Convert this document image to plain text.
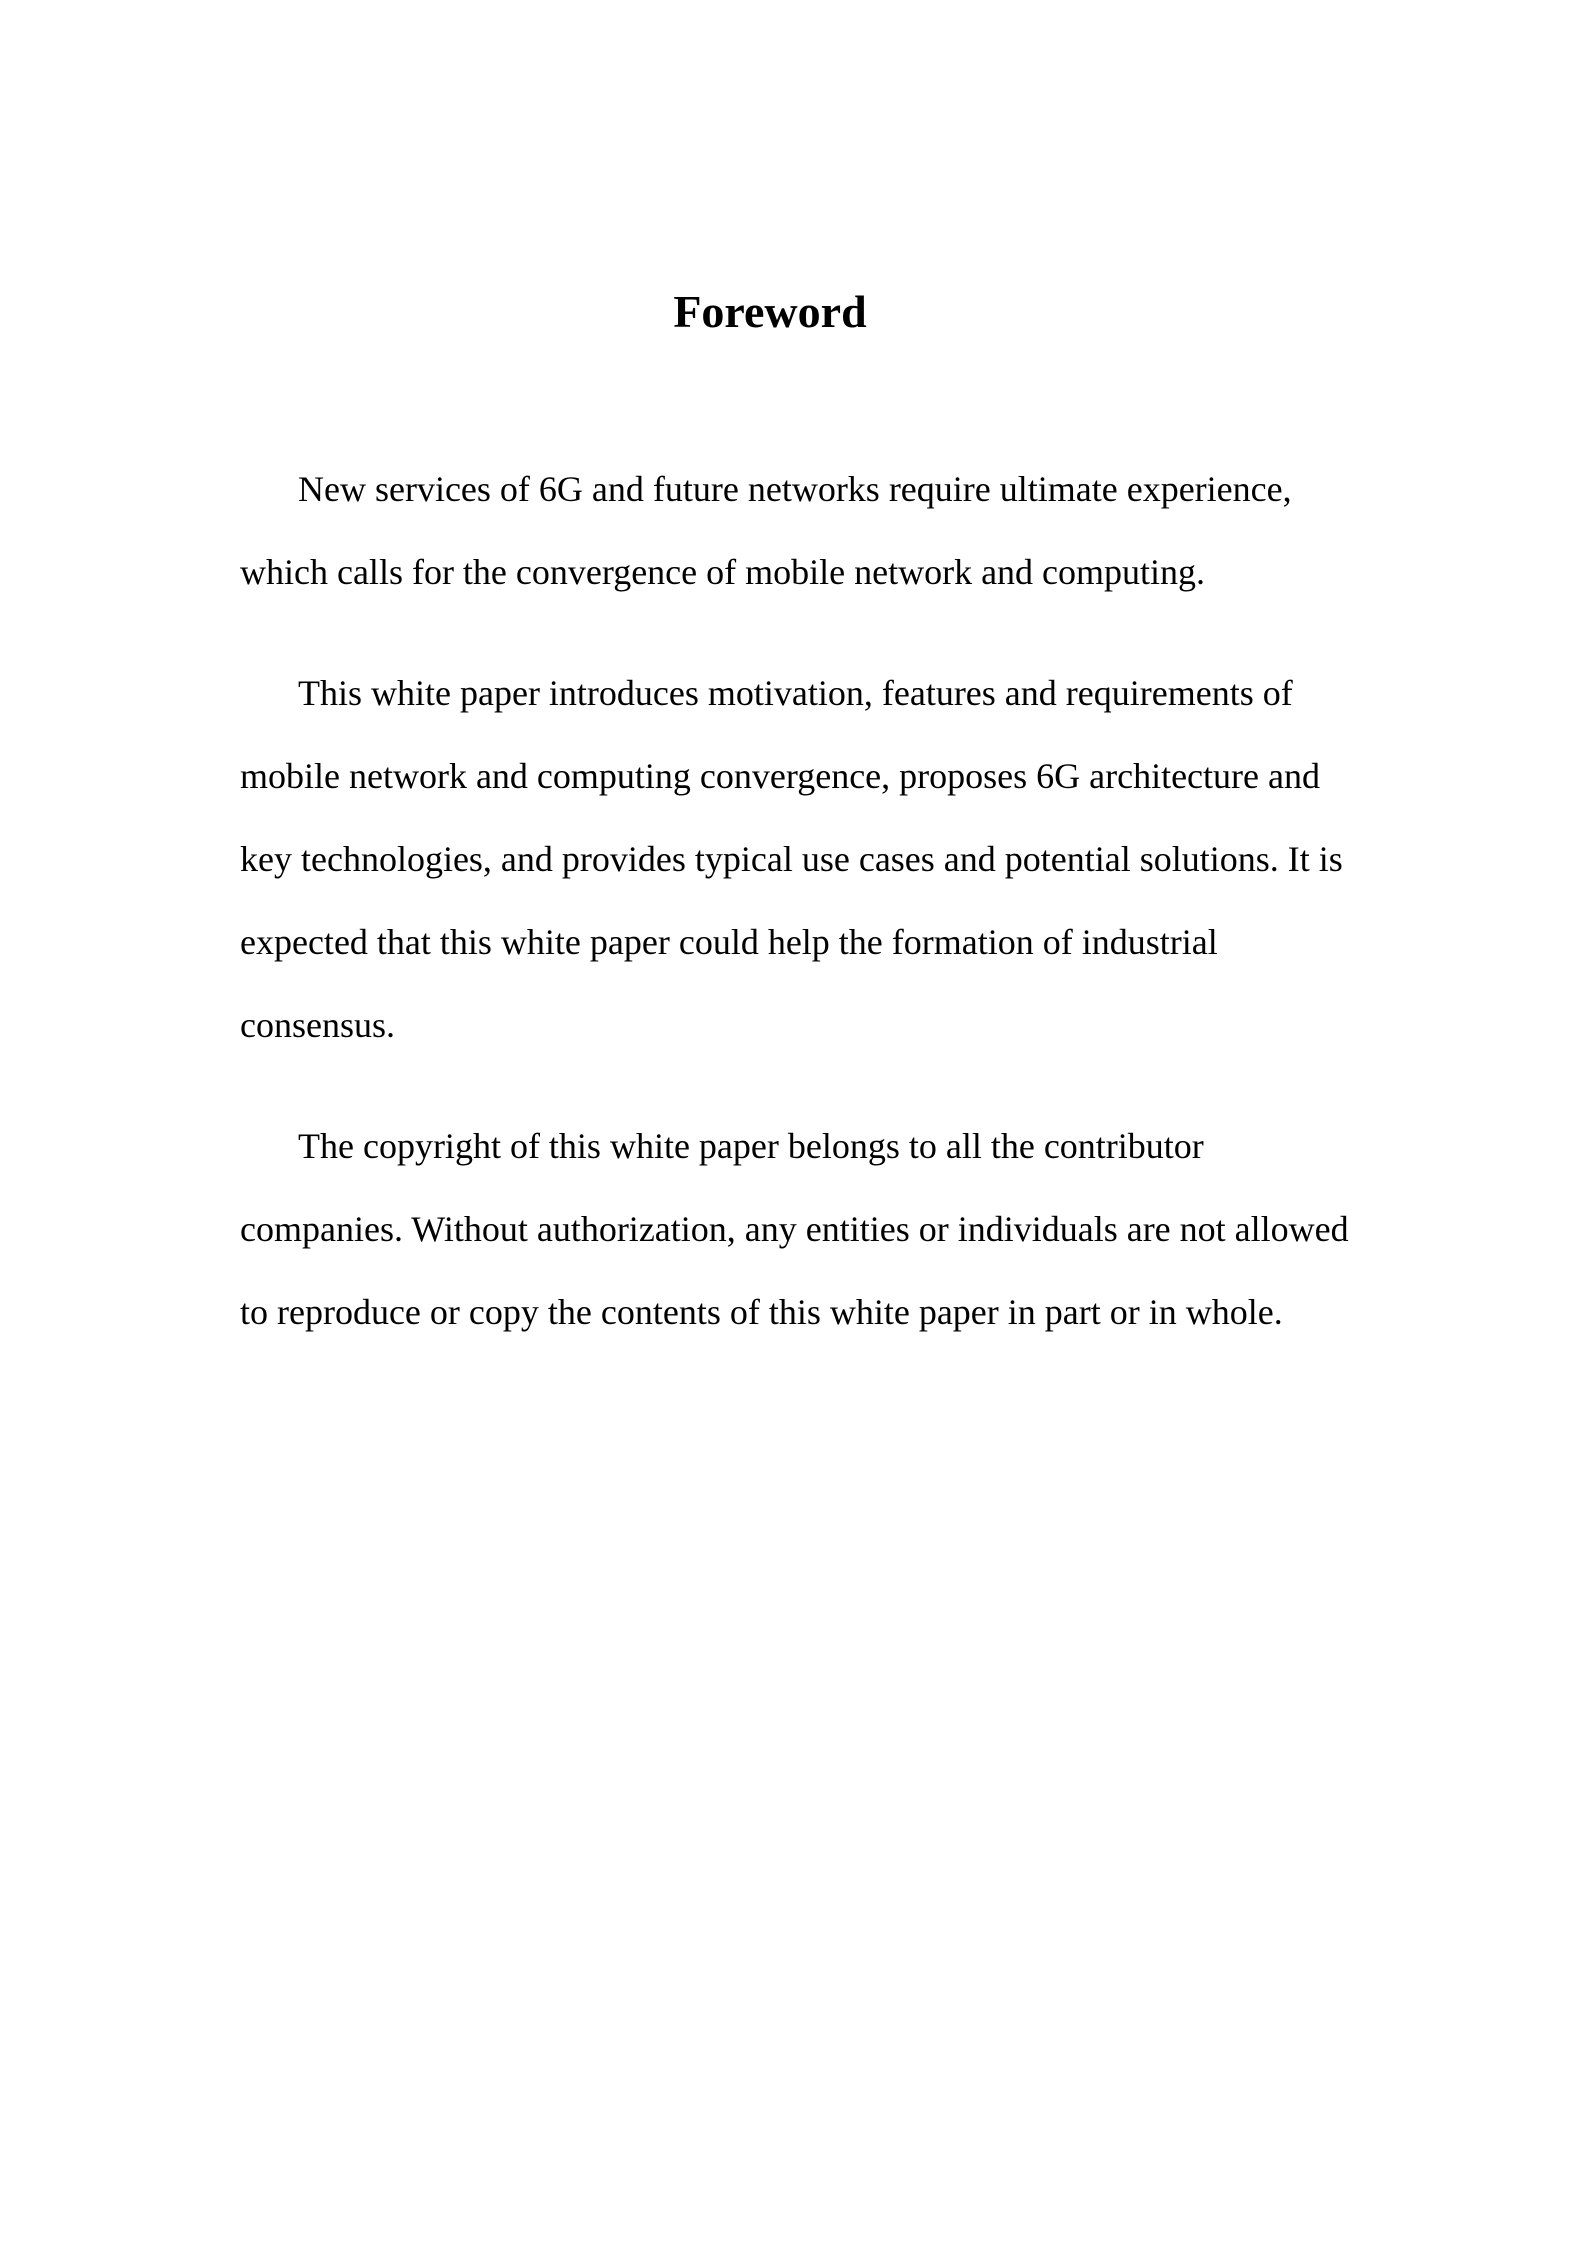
Foreword

New services of 6G and future networks require ultimate experience, which calls for the convergence of mobile network and computing.

This white paper introduces motivation, features and requirements of mobile network and computing convergence, proposes 6G architecture and key technologies, and provides typical use cases and potential solutions. It is expected that this white paper could help the formation of industrial consensus.

The copyright of this white paper belongs to all the contributor companies. Without authorization, any entities or individuals are not allowed to reproduce or copy the contents of this white paper in part or in whole.
